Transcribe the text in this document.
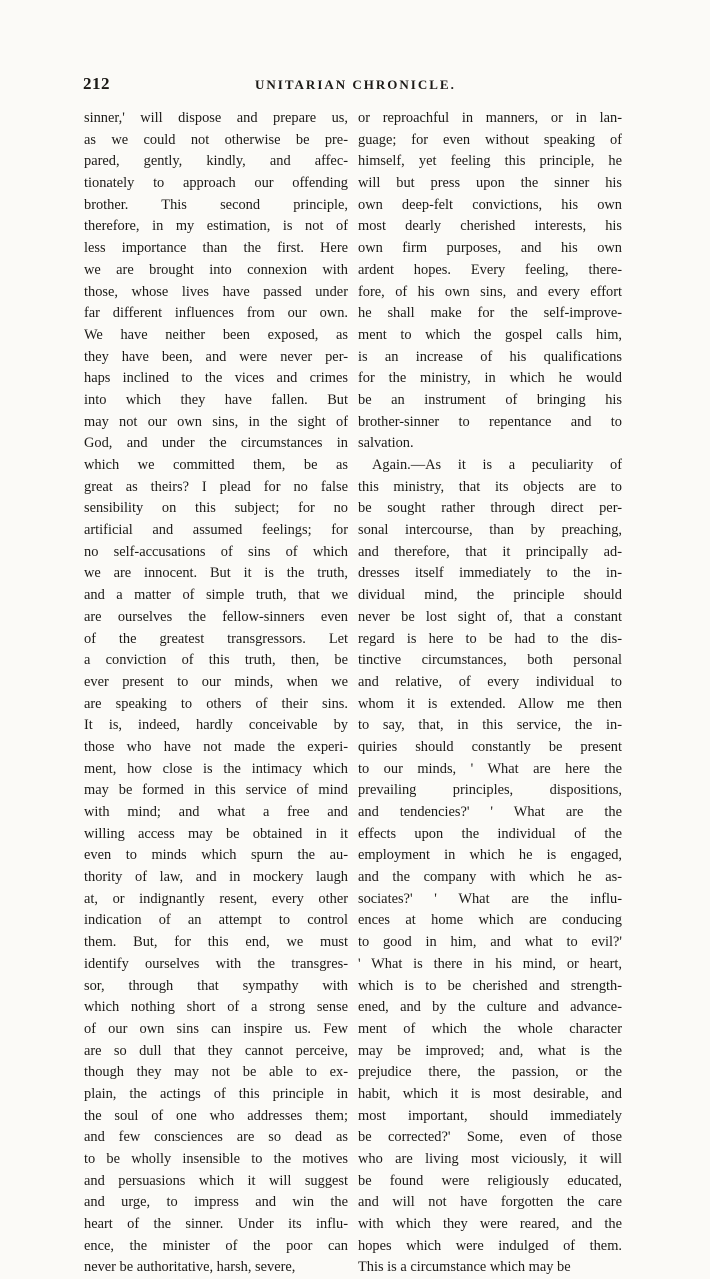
212	UNITARIAN CHRONICLE.
sinner,' will dispose and prepare us,
as we could not otherwise be pre-
pared, gently, kindly, and affec-
tionately to approach our offending
brother. This second principle,
therefore, in my estimation, is not of
less importance than the first. Here
we are brought into connexion with
those, whose lives have passed under
far different influences from our own.
We have neither been exposed, as
they have been, and were never per-
haps inclined to the vices and crimes
into which they have fallen. But
may not our own sins, in the sight of
God, and under the circumstances in
which we committed them, be as
great as theirs? I plead for no false
sensibility on this subject; for no
artificial and assumed feelings; for
no self-accusations of sins of which
we are innocent. But it is the truth,
and a matter of simple truth, that we
are ourselves the fellow-sinners even
of the greatest transgressors. Let
a conviction of this truth, then, be
ever present to our minds, when we
are speaking to others of their sins.
It is, indeed, hardly conceivable by
those who have not made the experi-
ment, how close is the intimacy which
may be formed in this service of mind
with mind; and what a free and
willing access may be obtained in it
even to minds which spurn the au-
thority of law, and in mockery laugh
at, or indignantly resent, every other
indication of an attempt to control
them. But, for this end, we must
identify ourselves with the transgres-
sor, through that sympathy with
which nothing short of a strong sense
of our own sins can inspire us. Few
are so dull that they cannot perceive,
though they may not be able to ex-
plain, the actings of this principle in
the soul of one who addresses them;
and few consciences are so dead as
to be wholly insensible to the motives
and persuasions which it will suggest
and urge, to impress and win the
heart of the sinner. Under its influ-
ence, the minister of the poor can
never be authoritative, harsh, severe,
or reproachful in manners, or in lan-
guage; for even without speaking of
himself, yet feeling this principle, he
will but press upon the sinner his
own deep-felt convictions, his own
most dearly cherished interests, his
own firm purposes, and his own
ardent hopes. Every feeling, there-
fore, of his own sins, and every effort
he shall make for the self-improve-
ment to which the gospel calls him,
is an increase of his qualifications
for the ministry, in which he would
be an instrument of bringing his
brother-sinner to repentance and to
salvation.
Again.—As it is a peculiarity of
this ministry, that its objects are to
be sought rather through direct per-
sonal intercourse, than by preaching,
and therefore, that it principally ad-
dresses itself immediately to the in-
dividual mind, the principle should
never be lost sight of, that a constant
regard is here to be had to the dis-
tinctive circumstances, both personal
and relative, of every individual to
whom it is extended. Allow me then
to say, that, in this service, the in-
quiries should constantly be present
to our minds, ' What are here the
prevailing principles, dispositions,
and tendencies?' ' What are the
effects upon the individual of the
employment in which he is engaged,
and the company with which he as-
sociates?' ' What are the influ-
ences at home which are conducing
to good in him, and what to evil?'
' What is there in his mind, or heart,
which is to be cherished and strength-
ened, and by the culture and advance-
ment of which the whole character
may be improved; and, what is the
prejudice there, the passion, or the
habit, which it is most desirable, and
most important, should immediately
be corrected?' Some, even of those
who are living most viciously, it will
be found were religiously educated,
and will not have forgotten the care
with which they were reared, and the
hopes which were indulged of them.
This is a circumstance which may be
